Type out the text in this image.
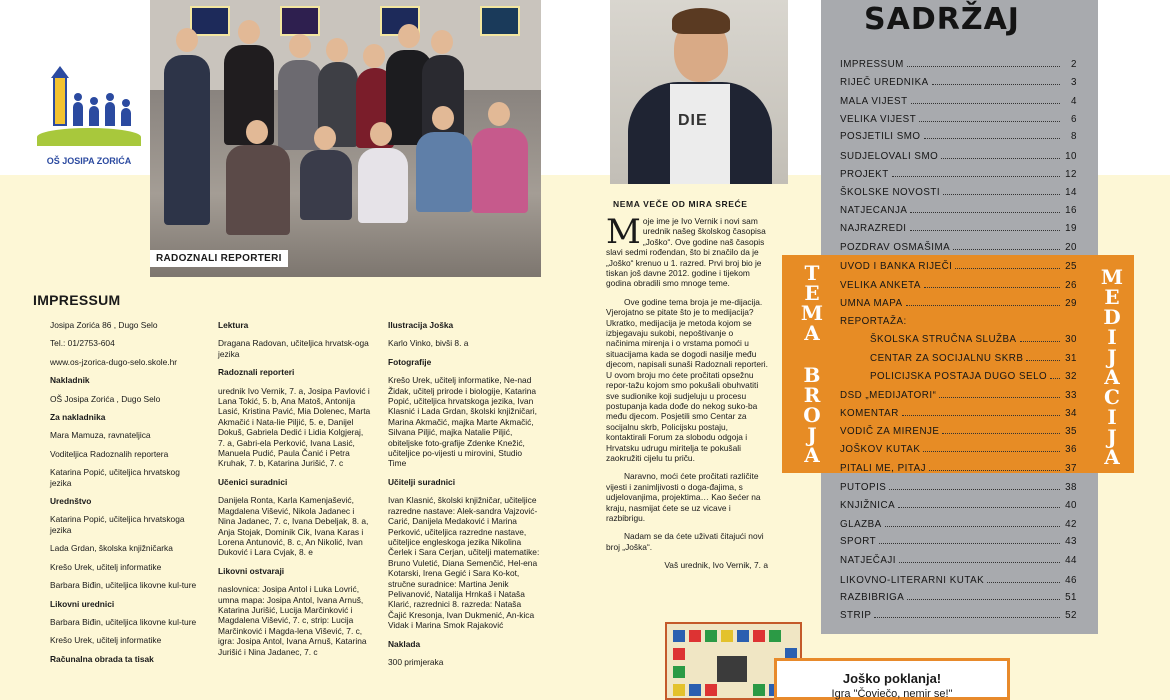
OŠ JOSIPA ZORIĆA
RADOZNALI REPORTERI
DIE
IMPRESSUM

Josipa Zorića 86 , Dugo Selo

Tel.: 01/2753-604

www.os-jzorica-dugo-selo.skole.hr

Nakladnik

OŠ Josipa Zorića , Dugo Selo

Za nakladnika

Mara Mamuza, ravnateljica

Voditeljica Radoznalih reportera

Katarina Popić, učiteljica hrvatskog jezika

Urednštvo

Katarina Popić, učiteljica hrvatskoga jezika

Lada Grdan, školska knjižničarka

Krešo Urek, učitelj informatike

Barbara Biđin, učiteljica likovne kul-ture

Likovni urednici

Barbara Biđin, učiteljica likovne kul-ture

Krešo Urek, učitelj informatike

Računalna obrada ta tisak
Lektura

Dragana Radovan, učiteljica hrvatsk-oga jezika

Radoznali reporteri

urednik Ivo Vernik, 7. a, Josipa Pavlović i Lana Tokić, 5. b, Ana Matoš, Antonija Lasić, Kristina Pavić, Mia Dolenec, Marta Akmačić i Nata-lie Piljić, 5. e, Danijel Dokuš, Gabriela Dedić i Lidia Kolgjeraj, 7. a, Gabri-ela Perković, Ivana Lasić, Manuela Pudić, Paula Čanić i Petra Kruhak, 7. b, Katarina Jurišić, 7. c

Učenici suradnici

Danijela Ronta, Karla Kamenjašević, Magdalena Višević, Nikola Jadanec i Nina Jadanec, 7. c, Ivana Debeljak, 8. a, Anja Stojak, Dominik Cik, Ivana Karas i Lorena Antunović, 8. c, An Nikolić, Ivan Duković i Lara Cvjak, 8. e

Likovni ostvaraji

naslovnica: Josipa Antol i Luka Lovrić, umna mapa: Josipa Antol, Ivana Arnuš, Katarina Jurišić, Lucija Marčinković i Magdalena Višević, 7. c, strip: Lucija Marčinković i Magda-lena Višević, 7. c, igra: Josipa Antol, Ivana Arnuš, Katarina Jurišić i Nina Jadanec, 7. c

Ilustracija Joška

Karlo Vinko, bivši 8. a

Fotografije

Krešo Urek, učitelj informatike, Ne-nad Židak, učitelj prirode i biologije, Katarina Popić, učiteljica hrvatskoga jezika, Ivan Klasnić i Lada Grdan, školski knjižničari, Marina Akmačić, majka Marte Akmačić, Silvana Piljić, majka Natalie Piljić, obiteljske foto-grafije Zdenke Knežić, učiteljice po-vijesti u mirovini, Studio Time

Učitelji suradnici

Ivan Klasnić, školski knjižničar, učiteljice razredne nastave: Alek-sandra Vajzović-Carić, Danijela Medaković i Marina Perković, učiteljica razredne nastave, učiteljice engleskoga jezika Nikolina Čerlek i Sara Cerjan, učitelji matematike: Bruno Vuletić, Diana Semenčić, Hel-ena Kotarski, Irena Gegić i Sara Ko-kot, stručne suradnice: Martina Jenik Pelivanović, Natalija Hrnkaš i Nataša Klarić, razrednici 8. razreda: Nataša Čajić Kresonja, Ivan Dukmenić, An-kica Vidak i Marina Smok Rajaković

Naklada

300 primjeraka

NEMA VEČE OD MIRA SREĆE

Moje ime je Ivo Vernik i novi sam urednik našeg školskog časopisa „Joško“. Ove godine naš časopis slavi sedmi rođendan, što bi značilo da je „Joško“ krenuo u 1. razred. Prvi broj bio je tiskan još davne 2012. godine i tijekom godina obradili smo mnoge teme.

Ove godine tema broja je me-dijacija. Vjerojatno se pitate što je to medijacija? Ukratko, medijacija je metoda kojom se izbjegavaju sukobi, nepoštivanje o načinima mirenja i o vrstama pomoći u situacijama kada se dogodi nasilje među djecom, napisali sunaši Radoznali reporteri. U ovom broju mo ćete pročitati opsežnu repor-tažu kojom smo pokušali obuhvatiti sve sudionike koji sudjeluju u procesu postupanja kada dođe do nekog suko-ba među djecom. Posjetili smo Centar za socijalnu skrb, Policijsku postaju, kontaktirali Forum za slobodu odgoja i Hrvatsku udrugu miritelja te pokušali zaokružiti cijelu tu priču.

Naravno, moći ćete pročitati različite vijesti i zanimljivosti o doga-đajima, s udjelovanjima, projektima… Kao šećer na kraju, nasmijat ćete se uz vicave i razbibrigu.

Nadam se da ćete uživati čitajući novi broj „Joška“.

Vaš urednik, Ivo Vernik, 7. a
T
E
M
A
B
R
O
J
A
M
E
D
I
J
A
C
I
J
A
SADRŽAJ
IMPRESSUM	2
RIJEČ UREDNIKA	3
MALA VIJEST	4
VELIKA VIJEST	6
POSJETILI SMO	8
SUDJELOVALI SMO	10
PROJEKT	12
ŠKOLSKE NOVOSTI	14
NATJECANJA	16
NAJRAZREDI	19
POZDRAV OSMAŠIMA	20
UVOD I BANKA RIJEČI	25
VELIKA ANKETA	26
UMNA MAPA	29
REPORTAŽA:
ŠKOLSKA STRUČNA SLUŽBA	30
CENTAR ZA SOCIJALNU SKRB	31
POLICIJSKA POSTAJA DUGO SELO 32
DSD „MEDIJATORI“	33
KOMENTAR	34
VODIČ ZA MIRENJE	35
JOŠKOV KUTAK	36
PITALI ME, PITAJ	37
PUTOPIS	38
KNJIŽNICA	40
GLAZBA	42
SPORT	43
NATJEČAJI	44
LIKOVNO-LITERARNI KUTAK	46
RAZBIBRIGA	51
STRIP	52
Joško poklanja!
Igra "Čoviečo, nemir se!"
